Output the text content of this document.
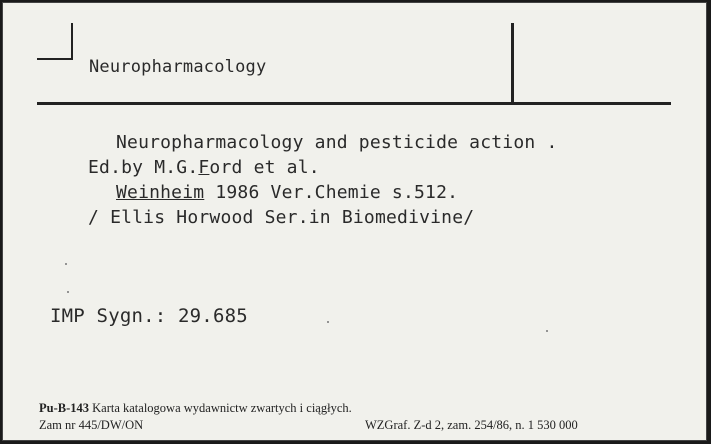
Neuropharmacology
Neuropharmacology and pesticide action .
Ed.by M.G.Ford et al.
Weinheim 1986 Ver.Chemie s.512.
/ Ellis Horwood Ser.in Biomedivine/
IMP Sygn.: 29.685
Pu-B-143 Karta katalogowa wydawnictw zwartych i ciągłych.
Zam nr 445/DW/ON	WZGraf. Z-d 2, zam. 254/86, n. 1 530 000
